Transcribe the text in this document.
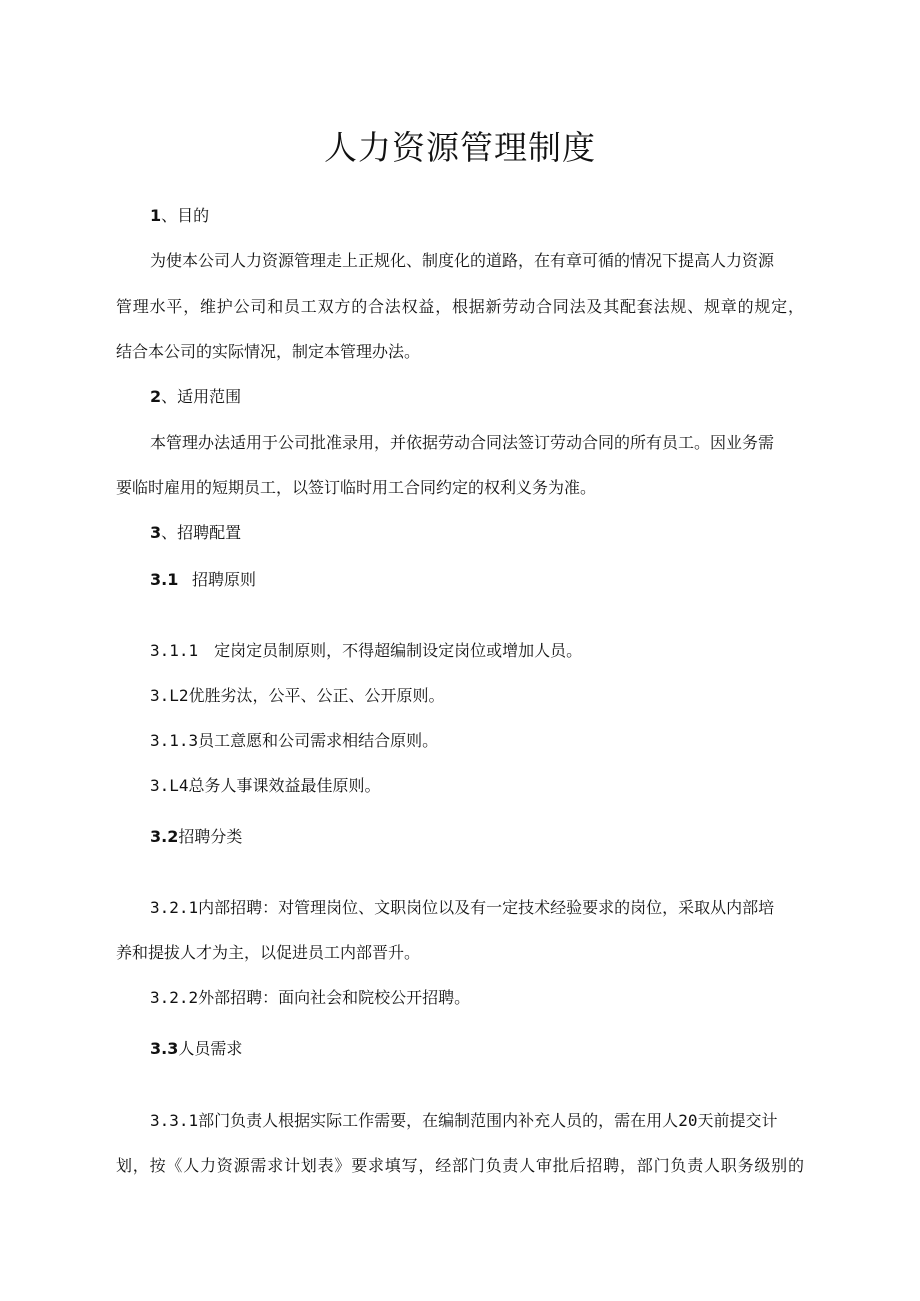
人力资源管理制度
1、目的
为使本公司人力资源管理走上正规化、制度化的道路，在有章可循的情况下提高人力资源
管理水平，维护公司和员工双方的合法权益，根据新劳动合同法及其配套法规、规章的规定，
结合本公司的实际情况，制定本管理办法。
2、适用范围
本管理办法适用于公司批准录用，并依据劳动合同法签订劳动合同的所有员工。因业务需
要临时雇用的短期员工，以签订临时用工合同约定的权利义务为准。
3、招聘配置
3.1 招聘原则
3.1.1 定岗定员制原则，不得超编制设定岗位或增加人员。
3.L2优胜劣汰，公平、公正、公开原则。
3.1.3员工意愿和公司需求相结合原则。
3.L4总务人事课效益最佳原则。
3.2招聘分类
3.2.1内部招聘：对管理岗位、文职岗位以及有一定技术经验要求的岗位，采取从内部培
养和提拔人才为主，以促进员工内部晋升。
3.2.2外部招聘：面向社会和院校公开招聘。
3.3人员需求
3.3.1部门负责人根据实际工作需要，在编制范围内补充人员的，需在用人20天前提交计
划，按《人力资源需求计划表》要求填写，经部门负责人审批后招聘，部门负责人职务级别的
